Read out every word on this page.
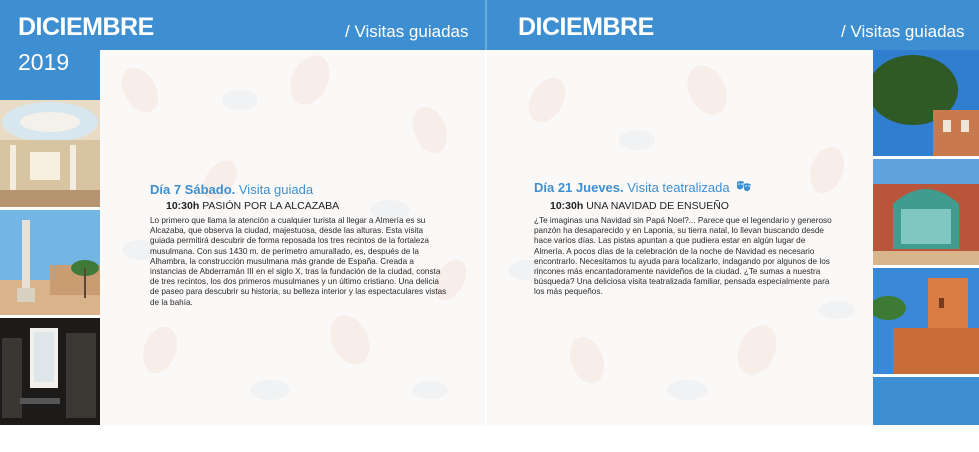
DICIEMBRE	/ Visitas guiadas DICIEMBRE	/ Visitas guiadas
2019
Día 7 Sábado. Visita guiada
10:30h PASIÓN POR LA ALCAZABA
Lo primero que llama la atención a cualquier turista al llegar a Almería es su
Alcazaba, que observa la ciudad, majestuosa, desde las alturas. Esta visita
guiada permitirá descubrir de forma reposada los tres recintos de la fortaleza
musulmana. Con sus 1430 m. de perímetro amurallado, es, después de la
Alhambra, la construcción musulmana más grande de España. Creada a
instancias de Abderramán III en el siglo X, tras la fundación de la ciudad, consta
de tres recintos, los dos primeros musulmanes y un último cristiano. Una delicia
de paseo para descubrir su historia, su belleza interior y las espectaculares vistas
de la bahía.
Día 21 Jueves. Visita teatralizada
10:30h UNA NAVIDAD DE ENSUEÑO
¿Te imaginas una Navidad sin Papá Noel?... Parece que el legendario y generoso
panzón ha desaparecido y en Laponia, su tierra natal, lo llevan buscando desde
hace varios días. Las pistas apuntan a que pudiera estar en algún lugar de
Almería. A pocos días de la celebración de la noche de Navidad es necesario
encontrarlo. Necesitamos tu ayuda para localizarlo, indagando por algunos de los
rincones más encantadoramente navideños de la ciudad. ¿Te sumas a nuestra
búsqueda? Una deliciosa visita teatralizada familiar, pensada especialmente para
los más pequeños.
